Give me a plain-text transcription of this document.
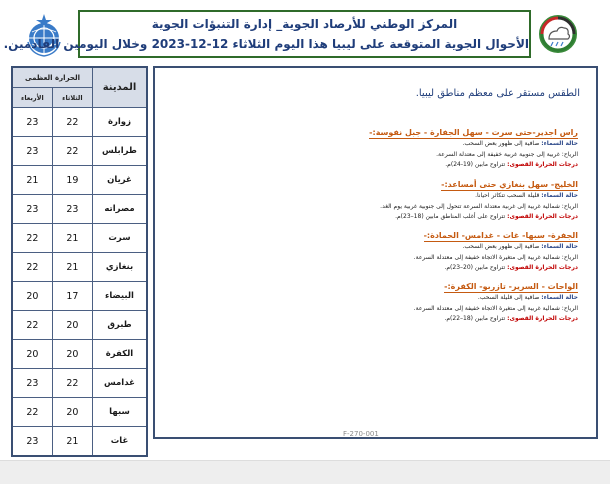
المركز الوطني للأرصاد الجوية_ إدارة التنبؤات الجوية
الأحوال الجوية المتوقعة على ليبيا هذا اليوم الثلاثاء 12-12-2023 وخلال اليومين القادمين.
المدينة	الحرارة العظمى	
	الثلاثاء	الأربعاء
زوارة	22	23
طرابلس	22	23
غريان	19	21
مصراته	23	23
سرت	21	22
بنغازي	21	22
البيضاء	17	20
طبرق	20	22
الكفرة	20	20
غدامس	22	23
سبها	20	22
غات	21	23
الطقس مستقر على معظم مناطق ليبيا.
راس اجدير-حتى سرت - سهل الجفارة - جبل نفوسة:-
حالة السماء: صافية إلى ظهور بعض السحب.
الرياح: غربية إلى جنوبية غربية خفيفة إلى معتدلة السرعة.
درجات الحرارة القصوى: تتراوح مابين (19-24)م.
الخليج- سهل بنغازي حتى أمساعد:-
حالة السماء: قليلة السحب تتكاثر احيانا.
الرياح: شمالية غربية إلى غربية معتدلة السرعة تتحول إلى جنوبية غربية يوم الغد.
درجات الحرارة القصوى: تتراوح على أغلب المناطق مابين (18–23)م.
الجفرة- سبها- غات - غدامس- الحمادة:-
حالة السماء: صافية إلى ظهور بعض السحب.
الرياح: شمالية غربية إلى متغيرة الاتجاه خفيفة إلى معتدلة السرعة.
درجات الحرارة القصوى: تتراوح مابين (20–23)م.
الواحات - السرير- تازربو- الكفرة:-
حالة السماء: صافية إلى قليلة السحب.
الرياح: شمالية غربية إلى متغيرة الاتجاه خفيفة إلى معتدلة السرعة.
درجات الحرارة القصوى: تتراوح مابين (18–22)م.
F-270-001
